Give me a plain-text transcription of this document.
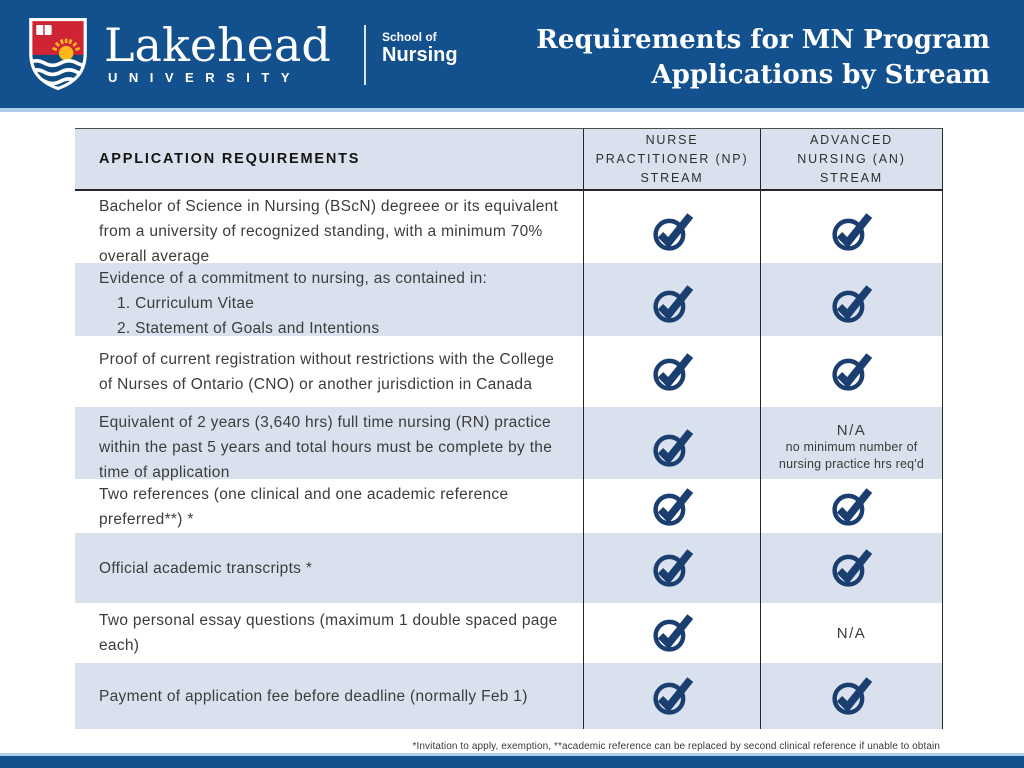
Lakehead
UNIVERSITY
School of
Nursing	Requirements for MN Program
Applications by Stream
APPLICATION REQUIREMENTS
NURSE
PRACTITIONER (NP)
STREAM
ADVANCED
NURSING (AN)
STREAM
Bachelor of Science in Nursing (BScN) degreee or its equivalent from a university of recognized standing, with a minimum 70% overall average
Evidence of a commitment to nursing, as contained in:
1. Curriculum Vitae
2. Statement of Goals and Intentions
Proof of current registration without restrictions with the College of Nurses of Ontario (CNO) or another jurisdiction in Canada
Equivalent of 2 years (3,640 hrs) full time nursing (RN) practice within the past 5 years and total hours must be complete by the time of application
N/A
no minimum number of
nursing practice hrs req'd
Two references (one clinical and one academic reference preferred**) *
Official academic transcripts *
Two personal essay questions (maximum 1 double spaced page each)
N/A
Payment of application fee before deadline (normally Feb 1)
*Invitation to apply, exemption, **academic reference can be replaced by second clinical reference if unable to obtain
